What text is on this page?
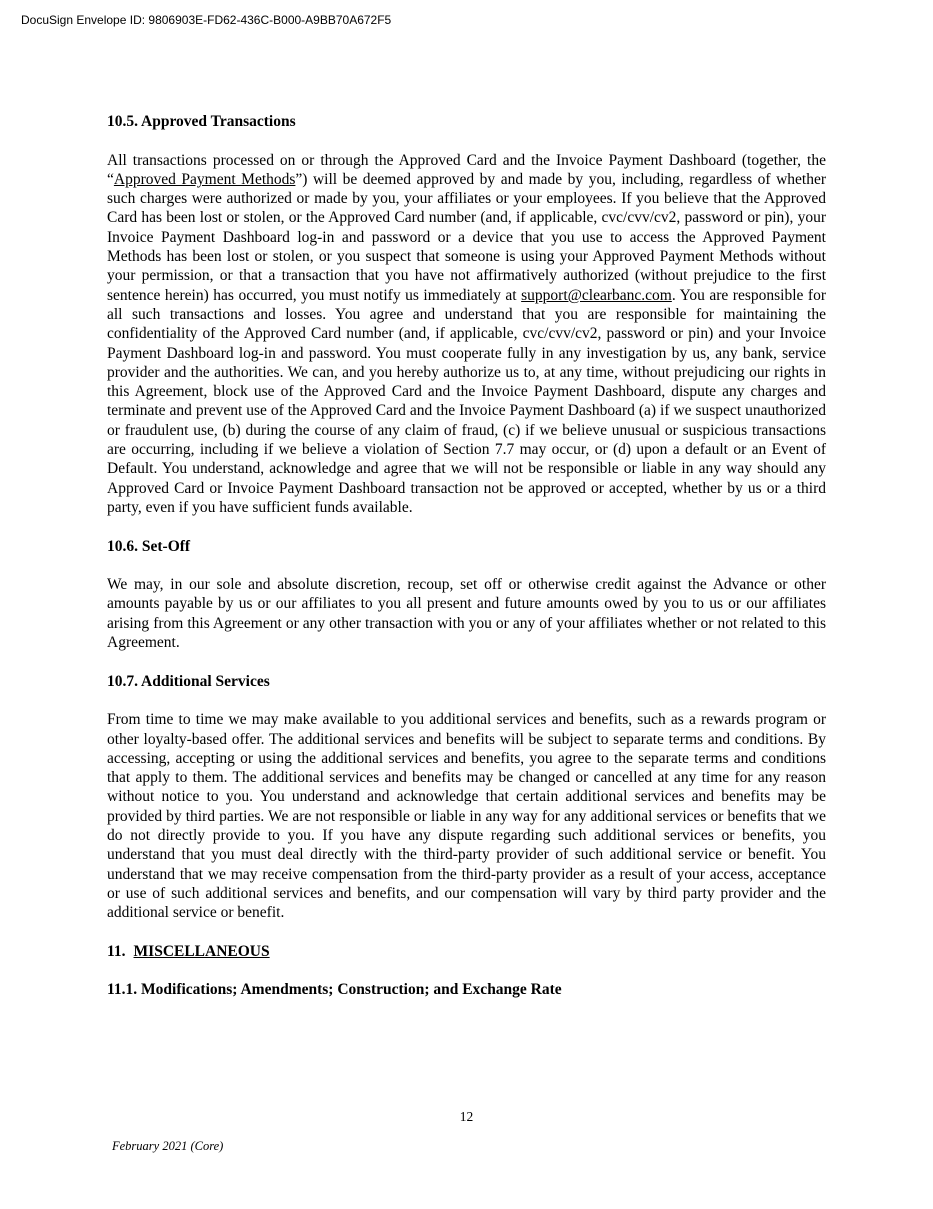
DocuSign Envelope ID: 9806903E-FD62-436C-B000-A9BB70A672F5
10.5. Approved Transactions

All transactions processed on or through the Approved Card and the Invoice Payment Dashboard (together, the “Approved Payment Methods”) will be deemed approved by and made by you, including, regardless of whether such charges were authorized or made by you, your affiliates or your employees. If you believe that the Approved Card has been lost or stolen, or the Approved Card number (and, if applicable, cvc/cvv/cv2, password or pin), your Invoice Payment Dashboard log-in and password or a device that you use to access the Approved Payment Methods has been lost or stolen, or you suspect that someone is using your Approved Payment Methods without your permission, or that a transaction that you have not affirmatively authorized (without prejudice to the first sentence herein) has occurred, you must notify us immediately at support@clearbanc.com. You are responsible for all such transactions and losses. You agree and understand that you are responsible for maintaining the confidentiality of the Approved Card number (and, if applicable, cvc/cvv/cv2, password or pin) and your Invoice Payment Dashboard log-in and password. You must cooperate fully in any investigation by us, any bank, service provider and the authorities. We can, and you hereby authorize us to, at any time, without prejudicing our rights in this Agreement, block use of the Approved Card and the Invoice Payment Dashboard, dispute any charges and terminate and prevent use of the Approved Card and the Invoice Payment Dashboard (a) if we suspect unauthorized or fraudulent use, (b) during the course of any claim of fraud, (c) if we believe unusual or suspicious transactions are occurring, including if we believe a violation of Section 7.7 may occur, or (d) upon a default or an Event of Default. You understand, acknowledge and agree that we will not be responsible or liable in any way should any Approved Card or Invoice Payment Dashboard transaction not be approved or accepted, whether by us or a third party, even if you have sufficient funds available.

10.6. Set-Off

We may, in our sole and absolute discretion, recoup, set off or otherwise credit against the Advance or other amounts payable by us or our affiliates to you all present and future amounts owed by you to us or our affiliates arising from this Agreement or any other transaction with you or any of your affiliates whether or not related to this Agreement.

10.7. Additional Services

From time to time we may make available to you additional services and benefits, such as a rewards program or other loyalty-based offer. The additional services and benefits will be subject to separate terms and conditions. By accessing, accepting or using the additional services and benefits, you agree to the separate terms and conditions that apply to them. The additional services and benefits may be changed or cancelled at any time for any reason without notice to you. You understand and acknowledge that certain additional services and benefits may be provided by third parties. We are not responsible or liable in any way for any additional services or benefits that we do not directly provide to you. If you have any dispute regarding such additional services or benefits, you understand that you must deal directly with the third-party provider of such additional service or benefit. You understand that we may receive compensation from the third-party provider as a result of your access, acceptance or use of such additional services and benefits, and our compensation will vary by third party provider and the additional service or benefit.

11. MISCELLANEOUS
11.1. Modifications; Amendments; Construction; and Exchange Rate
12
February 2021 (Core)
